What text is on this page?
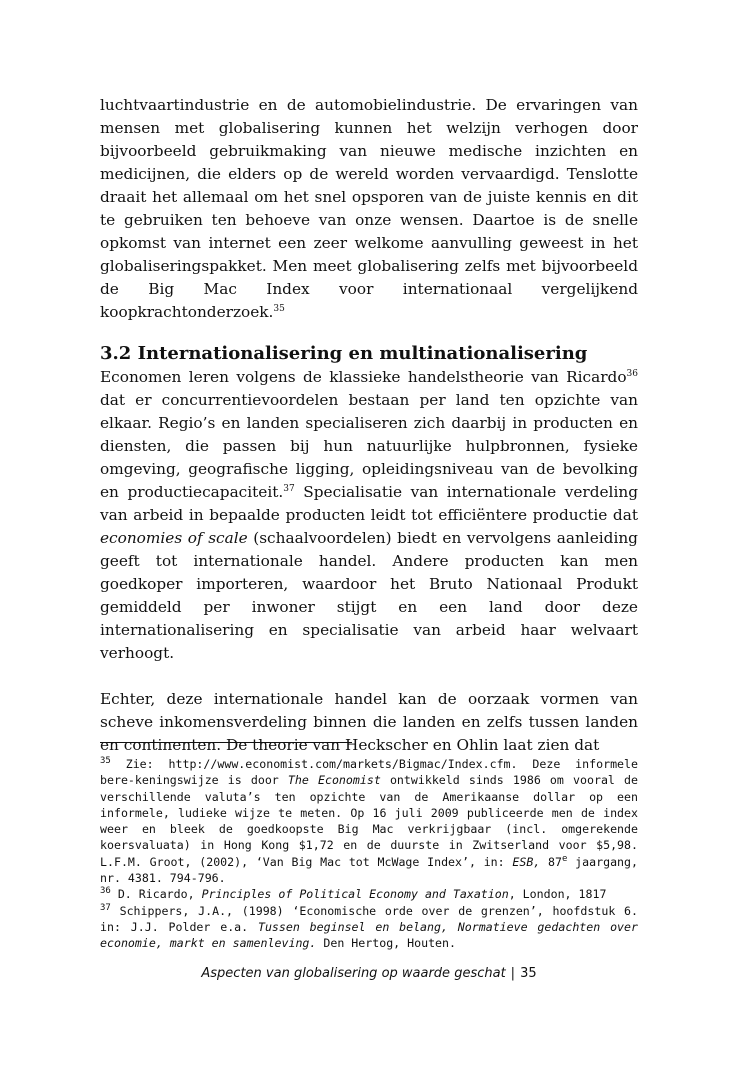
luchtvaartindustrie en de automobielindustrie. De ervaringen van mensen met globalisering kunnen het welzijn verhogen door bijvoorbeeld gebruikmaking van nieuwe medische inzichten en medicijnen, die elders op de wereld worden vervaardigd. Tenslotte draait het allemaal om het snel opsporen van de juiste kennis en dit te gebruiken ten behoeve van onze wensen. Daartoe is de snelle opkomst van internet een zeer welkome aanvulling geweest in het globaliseringspakket. Men meet globalisering zelfs met bijvoorbeeld de Big Mac Index voor internationaal vergelijkend koopkrachtonderzoek.$^{35}$

3.2 Internationalisering en multinationalisering

Economen leren volgens de klassieke handelstheorie van Ricardo$^{36}$ dat er concurrentievoordelen bestaan per land ten opzichte van elkaar. Regio’s en landen specialiseren zich daarbij in producten en diensten, die passen bij hun natuurlijke hulpbronnen, fysieke omgeving, geografische ligging, opleidingsniveau van de bevolking en productiecapaciteit.$^{37}$ Specialisatie van internationale verdeling van arbeid in bepaalde producten leidt tot efficiëntere productie dat economies of scale (schaalvoordelen) biedt en vervolgens aanleiding geeft tot internationale handel. Andere producten kan men goedkoper importeren, waardoor het Bruto Nationaal Produkt gemiddeld per inwoner stijgt en een land door deze internationalisering en specialisatie van arbeid haar welvaart verhoogt.

Echter, deze internationale handel kan de oorzaak vormen van scheve inkomensverdeling binnen die landen en zelfs tussen landen en continenten. De theorie van Heckscher en Ohlin laat zien dat

$^{35}$ Zie: http://www.economist.com/markets/Bigmac/Index.cfm. Deze informele bere-keningswijze is door The Economist ontwikkeld sinds 1986 om vooral de verschillende valuta’s ten opzichte van de Amerikaanse dollar op een informele, ludieke wijze te meten. Op 16 juli 2009 publiceerde men de index weer en bleek de goedkoopste Big Mac verkrijgbaar (incl. omgerekende koersvaluata) in Hong Kong $1,72 en de duurste in Zwitserland voor $5,98. L.F.M. Groot, (2002), ‘Van Big Mac tot McWage Index’, in: ESB, 87e jaargang, nr. 4381. 794-796.

$^{36}$ D. Ricardo, Principles of Political Economy and Taxation, London, 1817

$^{37}$ Schippers, J.A., (1998) ‘Economische orde over de grenzen’, hoofdstuk 6. in: J.J. Polder e.a. Tussen beginsel en belang, Normatieve gedachten over economie, markt en samenleving. Den Hertog, Houten.

Aspecten van globalisering op waarde geschat | 35
